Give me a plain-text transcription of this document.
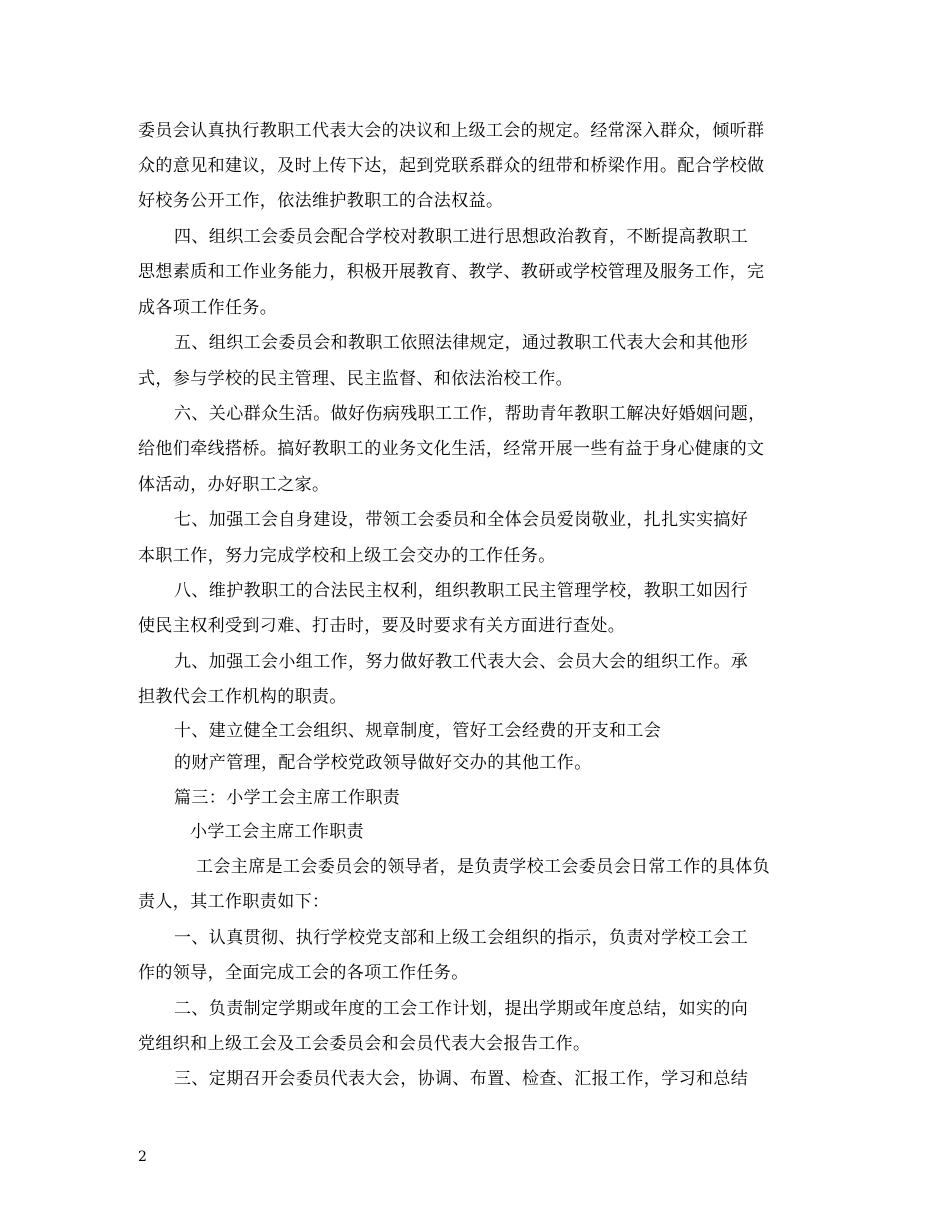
委员会认真执行教职工代表大会的决议和上级工会的规定。经常深入群众，倾听群
众的意见和建议，及时上传下达，起到党联系群众的纽带和桥梁作用。配合学校做
好校务公开工作，依法维护教职工的合法权益。
四、组织工会委员会配合学校对教职工进行思想政治教育，不断提高教职工
思想素质和工作业务能力，积极开展教育、教学、教研或学校管理及服务工作，完
成各项工作任务。
五、组织工会委员会和教职工依照法律规定，通过教职工代表大会和其他形
式，参与学校的民主管理、民主监督、和依法治校工作。
六、关心群众生活。做好伤病残职工工作，帮助青年教职工解决好婚姻问题，
给他们牵线搭桥。搞好教职工的业务文化生活，经常开展一些有益于身心健康的文
体活动，办好职工之家。
七、加强工会自身建设，带领工会委员和全体会员爱岗敬业，扎扎实实搞好
本职工作，努力完成学校和上级工会交办的工作任务。
八、维护教职工的合法民主权利，组织教职工民主管理学校，教职工如因行
使民主权利受到刁难、打击时，要及时要求有关方面进行查处。
九、加强工会小组工作，努力做好教工代表大会、会员大会的组织工作。承
担教代会工作机构的职责。
十、建立健全工会组织、规章制度，管好工会经费的开支和工会
的财产管理，配合学校党政领导做好交办的其他工作。
篇三：小学工会主席工作职责
小学工会主席工作职责
工会主席是工会委员会的领导者，是负责学校工会委员会日常工作的具体负
责人，其工作职责如下：
一、认真贯彻、执行学校党支部和上级工会组织的指示，负责对学校工会工
作的领导，全面完成工会的各项工作任务。
二、负责制定学期或年度的工会工作计划，提出学期或年度总结，如实的向
党组织和上级工会及工会委员会和会员代表大会报告工作。
三、定期召开会委员代表大会，协调、布置、检查、汇报工作，学习和总结
2
